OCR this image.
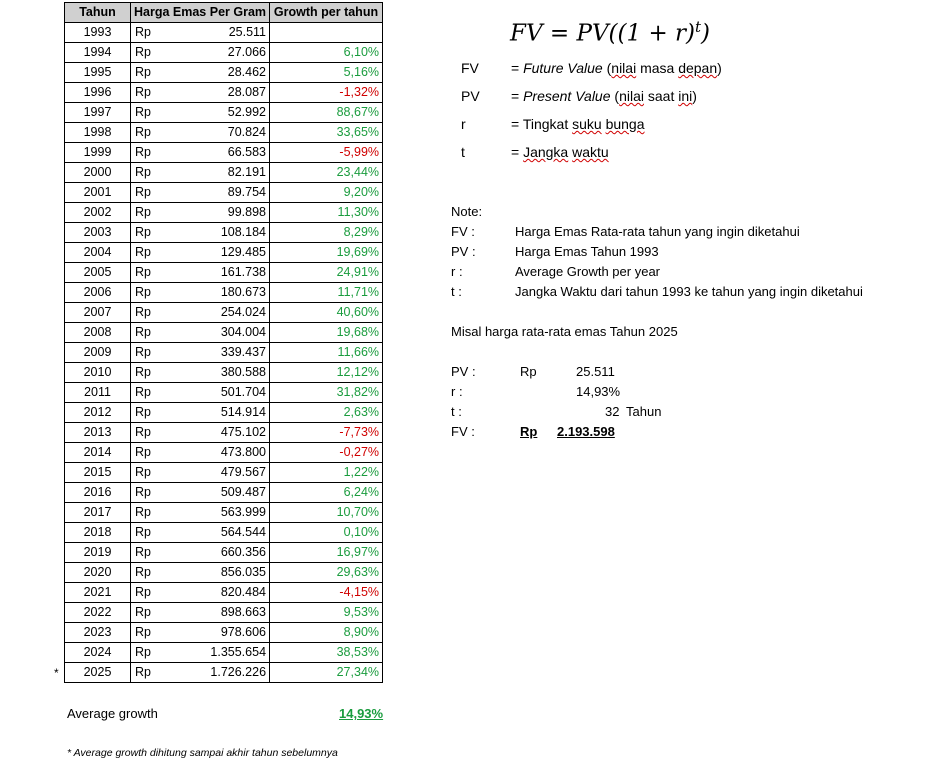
Tahun	Harga Emas Per Gram		Growth per tahun
1993	Rp	25.511	
1994	Rp	27.066	6,10%
1995	Rp	28.462	5,16%
1996	Rp	28.087	-1,32%
1997	Rp	52.992	88,67%
1998	Rp	70.824	33,65%
1999	Rp	66.583	-5,99%
2000	Rp	82.191	23,44%
2001	Rp	89.754	9,20%
2002	Rp	99.898	11,30%
2003	Rp	108.184	8,29%
2004	Rp	129.485	19,69%
2005	Rp	161.738	24,91%
2006	Rp	180.673	11,71%
2007	Rp	254.024	40,60%
2008	Rp	304.004	19,68%
2009	Rp	339.437	11,66%
2010	Rp	380.588	12,12%
2011	Rp	501.704	31,82%
2012	Rp	514.914	2,63%
2013	Rp	475.102	-7,73%
2014	Rp	473.800	-0,27%
2015	Rp	479.567	1,22%
2016	Rp	509.487	6,24%
2017	Rp	563.999	10,70%
2018	Rp	564.544	0,10%
2019	Rp	660.356	16,97%
2020	Rp	856.035	29,63%
2021	Rp	820.484	-4,15%
2022	Rp	898.663	9,53%
2023	Rp	978.606	8,90%
2024	Rp	1.355.654	38,53%
2025	Rp	1.726.226	27,34%
*
Average growth	14,93%
* Average growth dihitung sampai akhir tahun sebelumnya
FV = $PV((1 + r)^t)$
FV = Future Value (nilai masa depan)
PV = Present Value (nilai saat ini)
r	= Tingkat suku bunga
t	= Jangka waktu
Note:
FV :	Harga Emas Rata-rata tahun yang ingin diketahui
PV :	Harga Emas Tahun 1993
r :	Average Growth per year
t :	Jangka Waktu dari tahun 1993 ke tahun yang ingin diketahui
Misal harga rata-rata emas Tahun 2025
PV :	Rp	25.511
r :	14,93%
t :	32 Tahun
FV :	Rp 2.193.598
